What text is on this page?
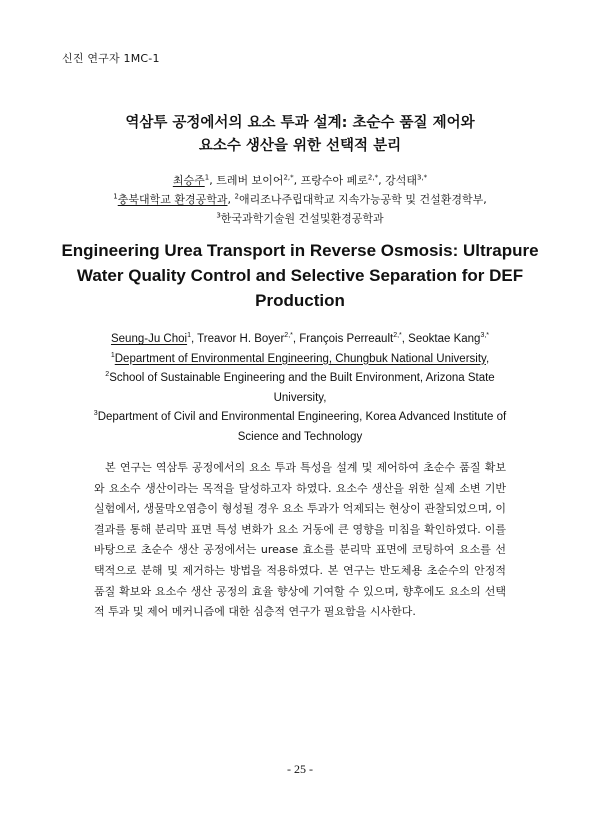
신진 연구자 1MC-1
역삼투 공정에서의 요소 투과 설계: 초순수 품질 제어와
요소수 생산을 위한 선택적 분리
최승주$^1$, 트레버 보이어$^{2,*}$, 프랑수아 페로$^{2,*}$, 강석태$^{3,*}$
$^1$충북대학교 환경공학과, $^2$애리조나주립대학교 지속가능공학 및 건설환경학부,
$^3$한국과학기술원 건설및환경공학과
Engineering Urea Transport in Reverse Osmosis: Ultrapure
Water Quality Control and Selective Separation for DEF
Production
Seung-Ju Choi$^1$, Treavor H. Boyer$^{2,*}$, François Perreault$^{2,*}$, Seoktae Kang$^{3,*}$
$^1$Department of Environmental Engineering, Chungbuk National University,
$^2$School of Sustainable Engineering and the Built Environment, Arizona State University,
$^3$Department of Civil and Environmental Engineering, Korea Advanced Institute of Science and Technology

본 연구는 역삼투 공정에서의 요소 투과 특성을 설계 및 제어하여 초순수 품질 확보와 요소수 생산이라는 목적을 달성하고자 하였다. 요소수 생산을 위한 실제 소변 기반 실험에서, 생물막오염층이 형성될 경우 요소 투과가 억제되는 현상이 관찰되었으며, 이 결과를 통해 분리막 표면 특성 변화가 요소 거동에 큰 영향을 미침을 확인하였다. 이를 바탕으로 초순수 생산 공정에서는 urease 효소를 분리막 표면에 코팅하여 요소를 선택적으로 분해 및 제거하는 방법을 적용하였다. 본 연구는 반도체용 초순수의 안정적 품질 확보와 요소수 생산 공정의 효율 향상에 기여할 수 있으며, 향후에도 요소의 선택적 투과 및 제어 메커니즘에 대한 심층적 연구가 필요함을 시사한다.

- 25 -
